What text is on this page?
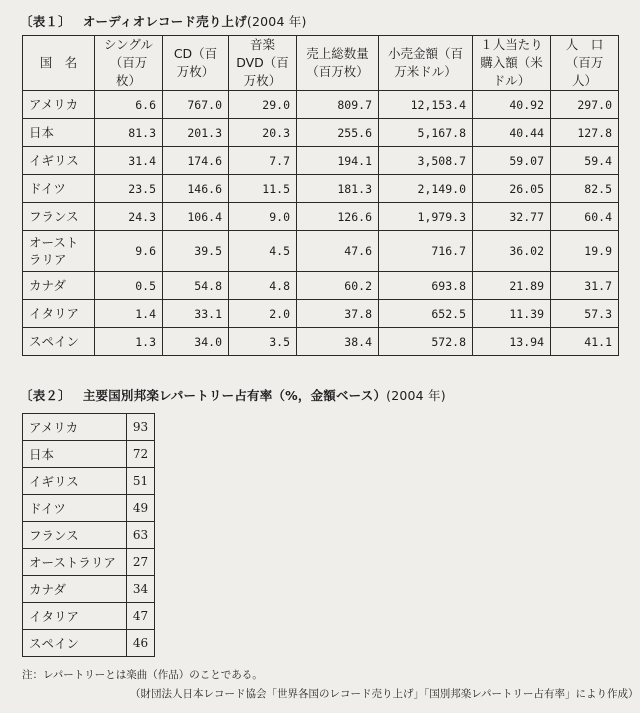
〔表１〕 オーディオレコード売り上げ(2004 年)
国　名	シングル（百万枚）	CD（百万枚）	音楽 DVD（百万枚）	売上総数量（百万枚）	小売金額（百万米ドル）	１人当たり購入額（米ドル）	人　口（百万人）
アメリカ	6.6	767.0	29.0	809.7	12,153.4	40.92	297.0
日本	81.3	201.3	20.3	255.6	5,167.8	40.44	127.8
イギリス	31.4	174.6	7.7	194.1	3,508.7	59.07	59.4
ドイツ	23.5	146.6	11.5	181.3	2,149.0	26.05	82.5
フランス	24.3	106.4	9.0	126.6	1,979.3	32.77	60.4
オーストラリア	9.6	39.5	4.5	47.6	716.7	36.02	19.9
カナダ	0.5	54.8	4.8	60.2	693.8	21.89	31.7
イタリア	1.4	33.1	2.0	37.8	652.5	11.39	57.3
スペイン	1.3	34.0	3.5	38.4	572.8	13.94	41.1
〔表２〕 主要国別邦楽レパートリー占有率（%，金額ベース）(2004 年)
アメリカ	93
日本	72
イギリス	51
ドイツ	49
フランス	63
オーストラリア	27
カナダ	34
イタリア	47
スペイン	46
注：レパートリーとは楽曲（作品）のことである。
（財団法人日本レコード協会「世界各国のレコード売り上げ」「国別邦楽レパートリー占有率」により作成）
